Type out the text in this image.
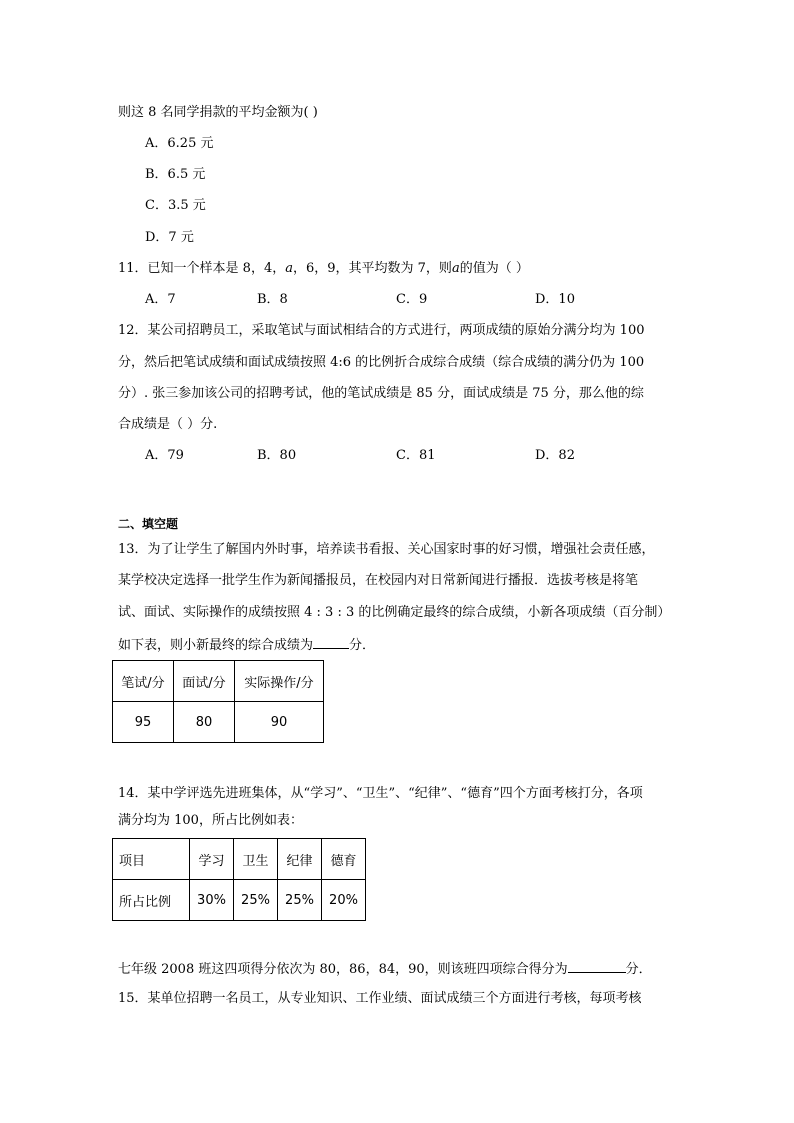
则这 8 名同学捐款的平均金额为( )
A．6.25 元
B．6.5 元
C．3.5 元
D．7 元
11．已知一个样本是 8，4，a，6，9，其平均数为 7，则a的值为（ ）
A．7	B．8	C．9	D．10
12．某公司招聘员工，采取笔试与面试相结合的方式进行，两项成绩的原始分满分均为 100
分，然后把笔试成绩和面试成绩按照 4:6 的比例折合成综合成绩（综合成绩的满分仍为 100
分）. 张三参加该公司的招聘考试，他的笔试成绩是 85 分，面试成绩是 75 分，那么他的综
合成绩是（ ）分.
A．79	B．80	C．81	D．82
二、填空题
13．为了让学生了解国内外时事，培养读书看报、关心国家时事的好习惯，增强社会责任感，
某学校决定选择一批学生作为新闻播报员，在校园内对日常新闻进行播报．选拔考核是将笔
试、面试、实际操作的成绩按照 4 : 3 : 3 的比例确定最终的综合成绩，小新各项成绩（百分制）
如下表，则小新最终的综合成绩为	分．
笔试/分	面试/分	实际操作/分
95	80	90
14．某中学评选先进班集体，从“学习”、“卫生”、“纪律”、“德育”四个方面考核打分，各项
满分均为 100，所占比例如表：
项目	学习	卫生	纪律	德育
所占比例	30%	25%	25%	20%
七年级 2008 班这四项得分依次为 80，86，84，90，则该班四项综合得分为	分．
15．某单位招聘一名员工，从专业知识、工作业绩、面试成绩三个方面进行考核，每项考核
